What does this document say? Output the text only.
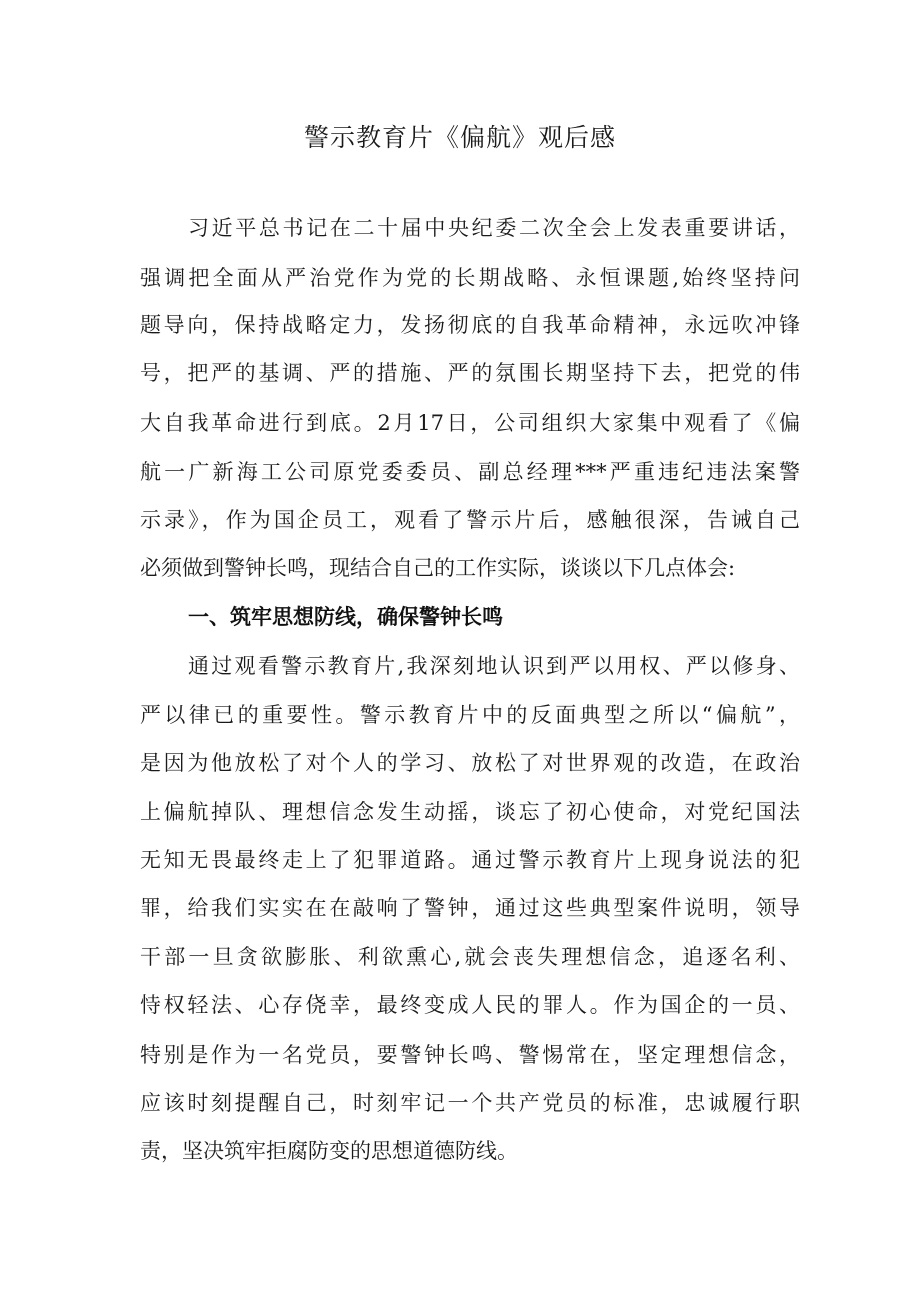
警示教育片《偏航》观后感

习近平总书记在二十届中央纪委二次全会上发表重要讲话，

强调把全面从严治党作为党的长期战略、永恒课题,始终坚持问

题导向，保持战略定力，发扬彻底的自我革命精神，永远吹冲锋

号，把严的基调、严的措施、严的氛围长期坚持下去，把党的伟

大自我革命进行到底。2月17日，公司组织大家集中观看了《偏

航一广新海工公司原党委委员、副总经理***严重违纪违法案警

示录》，作为国企员工，观看了警示片后，感触很深，告诫自己

必须做到警钟长鸣，现结合自己的工作实际，谈谈以下几点体会:

一、筑牢思想防线，确保警钟长鸣

通过观看警示教育片,我深刻地认识到严以用权、严以修身、

严以律已的重要性。警示教育片中的反面典型之所以“偏航”，

是因为他放松了对个人的学习、放松了对世界观的改造，在政治

上偏航掉队、理想信念发生动摇，谈忘了初心使命，对党纪国法

无知无畏最终走上了犯罪道路。通过警示教育片上现身说法的犯

罪，给我们实实在在敲响了警钟，通过这些典型案件说明，领导

干部一旦贪欲膨胀、利欲熏心,就会丧失理想信念，追逐名利、

恃权轻法、心存侥幸，最终变成人民的罪人。作为国企的一员、

特别是作为一名党员，要警钟长鸣、警惕常在，坚定理想信念，

应该时刻提醒自己，时刻牢记一个共产党员的标准，忠诚履行职

责，坚决筑牢拒腐防变的思想道德防线。
